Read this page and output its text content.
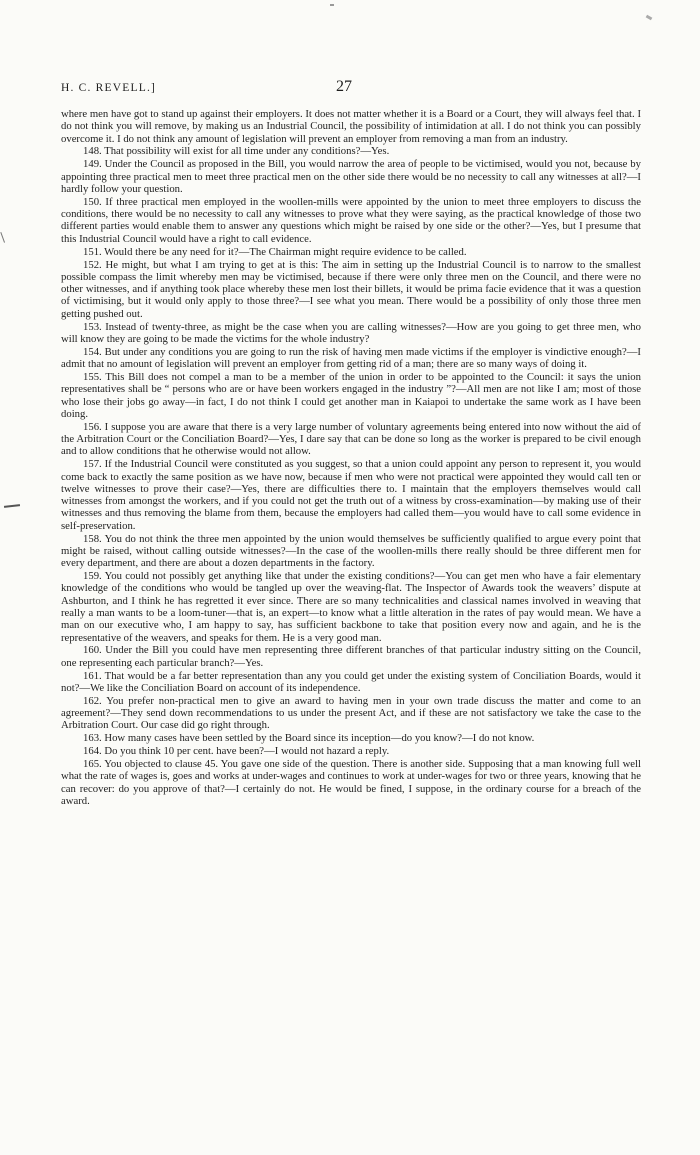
H. C. REVELL.]	27

where men have got to stand up against their employers. It does not matter whether it is a Board or a Court, they will always feel that. I do not think you will remove, by making us an Industrial Council, the possibility of intimidation at all. I do not think you can possibly overcome it. I do not think any amount of legislation will prevent an employer from removing a man from an industry.

148. That possibility will exist for all time under any conditions?—Yes.

149. Under the Council as proposed in the Bill, you would narrow the area of people to be victimised, would you not, because by appointing three practical men to meet three practical men on the other side there would be no necessity to call any witnesses at all?—I hardly follow your question.

150. If three practical men employed in the woollen-mills were appointed by the union to meet three employers to discuss the conditions, there would be no necessity to call any witnesses to prove what they were saying, as the practical knowledge of those two different parties would enable them to answer any questions which might be raised by one side or the other?—Yes, but I presume that this Industrial Council would have a right to call evidence.

151. Would there be any need for it?—The Chairman might require evidence to be called.

152. He might, but what I am trying to get at is this: The aim in setting up the Industrial Council is to narrow to the smallest possible compass the limit whereby men may be victimised, because if there were only three men on the Council, and there were no other witnesses, and if anything took place whereby these men lost their billets, it would be prima facie evidence that it was a question of victimising, but it would only apply to those three?—I see what you mean. There would be a possibility of only those three men getting pushed out.

153. Instead of twenty-three, as might be the case when you are calling witnesses?—How are you going to get three men, who will know they are going to be made the victims for the whole industry?

154. But under any conditions you are going to run the risk of having men made victims if the employer is vindictive enough?—I admit that no amount of legislation will prevent an employer from getting rid of a man; there are so many ways of doing it.

155. This Bill does not compel a man to be a member of the union in order to be appointed to the Council: it says the union representatives shall be “ persons who are or have been workers engaged in the industry ”?—All men are not like I am; most of those who lose their jobs go away—in fact, I do not think I could get another man in Kaiapoi to undertake the same work as I have been doing.

156. I suppose you are aware that there is a very large number of voluntary agreements being entered into now without the aid of the Arbitration Court or the Conciliation Board?—Yes, I dare say that can be done so long as the worker is prepared to be civil enough and to allow conditions that he otherwise would not allow.

157. If the Industrial Council were constituted as you suggest, so that a union could appoint any person to represent it, you would come back to exactly the same position as we have now, because if men who were not practical were appointed they would call ten or twelve witnesses to prove their case?—Yes, there are difficulties there to. I maintain that the employers themselves would call witnesses from amongst the workers, and if you could not get the truth out of a witness by cross-examination—by making use of their witnesses and thus removing the blame from them, because the employers had called them—you would have to call some evidence in self-preservation.

158. You do not think the three men appointed by the union would themselves be sufficiently qualified to argue every point that might be raised, without calling outside witnesses?—In the case of the woollen-mills there really should be three different men for every department, and there are about a dozen departments in the factory.

159. You could not possibly get anything like that under the existing conditions?—You can get men who have a fair elementary knowledge of the conditions who would be tangled up over the weaving-flat. The Inspector of Awards took the weavers’ dispute at Ashburton, and I think he has regretted it ever since. There are so many technicalities and classical names involved in weaving that really a man wants to be a loom-tuner—that is, an expert—to know what a little alteration in the rates of pay would mean. We have a man on our executive who, I am happy to say, has sufficient backbone to take that position every now and again, and he is the representative of the weavers, and speaks for them. He is a very good man.

160. Under the Bill you could have men representing three different branches of that particular industry sitting on the Council, one representing each particular branch?—Yes.

161. That would be a far better representation than any you could get under the existing system of Conciliation Boards, would it not?—We like the Conciliation Board on account of its independence.

162. You prefer non-practical men to give an award to having men in your own trade discuss the matter and come to an agreement?—They send down recommendations to us under the present Act, and if these are not satisfactory we take the case to the Arbitration Court. Our case did go right through.

163. How many cases have been settled by the Board since its inception—do you know?—I do not know.

164. Do you think 10 per cent. have been?—I would not hazard a reply.

165. You objected to clause 45. You gave one side of the question. There is another side. Supposing that a man knowing full well what the rate of wages is, goes and works at under-wages and continues to work at under-wages for two or three years, knowing that he can recover: do you approve of that?—I certainly do not. He would be fined, I suppose, in the ordinary course for a breach of the award.
